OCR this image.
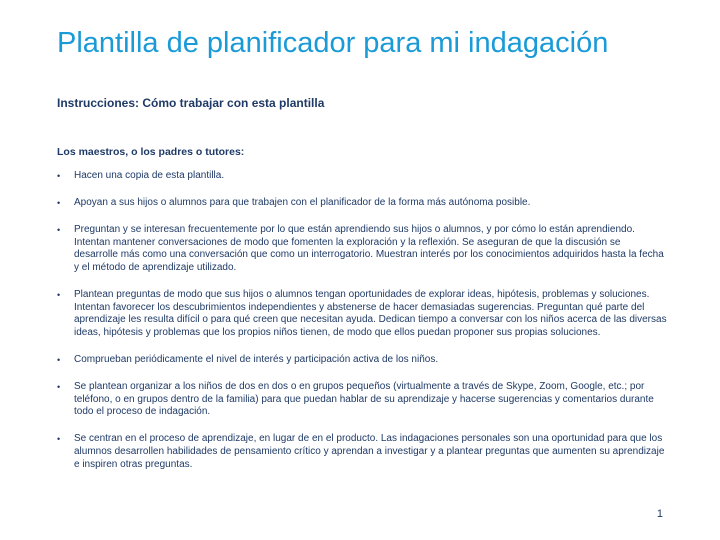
Plantilla de planificador para mi indagación
Instrucciones: Cómo trabajar con esta plantilla
Los maestros, o los padres o tutores:
•	Hacen una copia de esta plantilla.
•	Apoyan a sus hijos o alumnos para que trabajen con el planificador de la forma más autónoma posible.
•	Preguntan y se interesan frecuentemente por lo que están aprendiendo sus hijos o alumnos, y por cómo lo están aprendiendo. Intentan mantener conversaciones de modo que fomenten la exploración y la reflexión. Se aseguran de que la discusión se desarrolle más como una conversación que como un interrogatorio. Muestran interés por los conocimientos adquiridos hasta la fecha y el método de aprendizaje utilizado.
•	Plantean preguntas de modo que sus hijos o alumnos tengan oportunidades de explorar ideas, hipótesis, problemas y soluciones. Intentan favorecer los descubrimientos independientes y abstenerse de hacer demasiadas sugerencias. Preguntan qué parte del aprendizaje les resulta difícil o para qué creen que necesitan ayuda. Dedican tiempo a conversar con los niños acerca de las diversas ideas, hipótesis y problemas que los propios niños tienen, de modo que ellos puedan proponer sus propias soluciones.
•	Comprueban periódicamente el nivel de interés y participación activa de los niños.
•	Se plantean organizar a los niños de dos en dos o en grupos pequeños (virtualmente a través de Skype, Zoom, Google, etc.; por teléfono, o en grupos dentro de la familia) para que puedan hablar de su aprendizaje y hacerse sugerencias y comentarios durante todo el proceso de indagación.
•	Se centran en el proceso de aprendizaje, en lugar de en el producto. Las indagaciones personales son una oportunidad para que los alumnos desarrollen habilidades de pensamiento crítico y aprendan a investigar y a plantear preguntas que aumenten su aprendizaje e inspiren otras preguntas.
1
